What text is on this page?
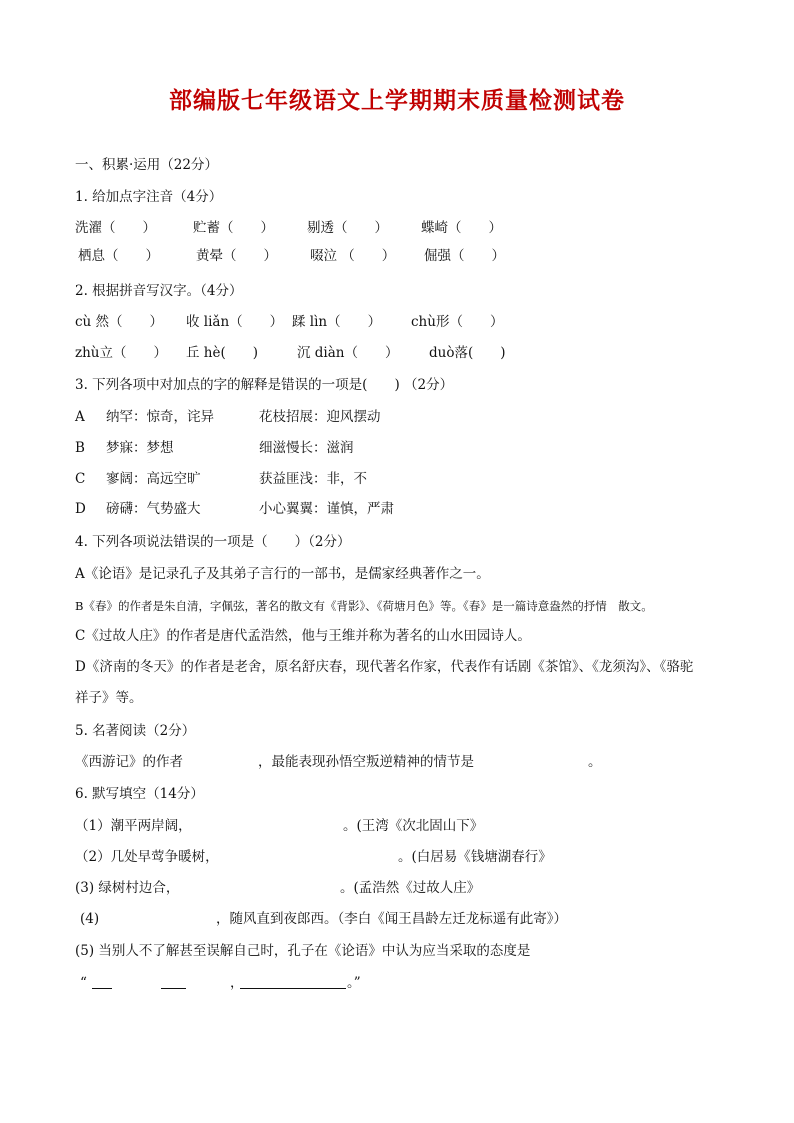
部编版七年级语文上学期期末质量检测试卷
一、积累·运用（22分）
1. 给加点字注音（4分）
洗濯（　　）	贮蓄（　　） 剔透（　　） 蝶崎（　　）
栖息（　　）	黄晕（　　） 啜泣 （　　） 倔强（　　）
2. 根据拼音写汉字。（4分）
cù 然（　　） 收 liǎn（　　） 蹂 lìn（　　） chù形（　　）
zhù立（　　） 丘 hè(　　)	沉 diàn（　　） duò落(　　)
3. 下列各项中对加点的字的解释是错误的一项是(　　) （2分）
A 纳罕：惊奇，诧异	花枝招展：迎风摆动
B 梦寐：梦想	细滋慢长：滋润
C 寥阔：高远空旷	获益匪浅：非，不
D 磅礴：气势盛大	小心翼翼：谨慎，严肃
4. 下列各项说法错误的一项是（　　）（2分）
A《论语》是记录孔子及其弟子言行的一部书，是儒家经典著作之一。
B《春》的作者是朱自清，字佩弦，著名的散文有《背影》、《荷塘月色》等。《春》是一篇诗意盎然的抒情　散文。
C《过故人庄》的作者是唐代孟浩然，他与王维并称为著名的山水田园诗人。
D《济南的冬天》的作者是老舍，原名舒庆春，现代著名作家，代表作有话剧《茶馆》、《龙须沟》、《骆驼
祥子》等。
5. 名著阅读（2分）
《西游记》的作者	，最能表现孙悟空叛逆精神的情节是	。
6. 默写填空（14分）
（1）潮平两岸阔，	。(王湾《次北固山下》
（2）几处早莺争暖树，	。(白居易《钱塘湖春行》
(3) 绿树村边合，	。(孟浩然《过故人庄》
(4)	，随风直到夜郎西。（李白《闻王昌龄左迁龙标遥有此寄》）
(5) 当别人不了解甚至误解自己时，孔子在《论语》中认为应当采取的态度是
“	，	。”
